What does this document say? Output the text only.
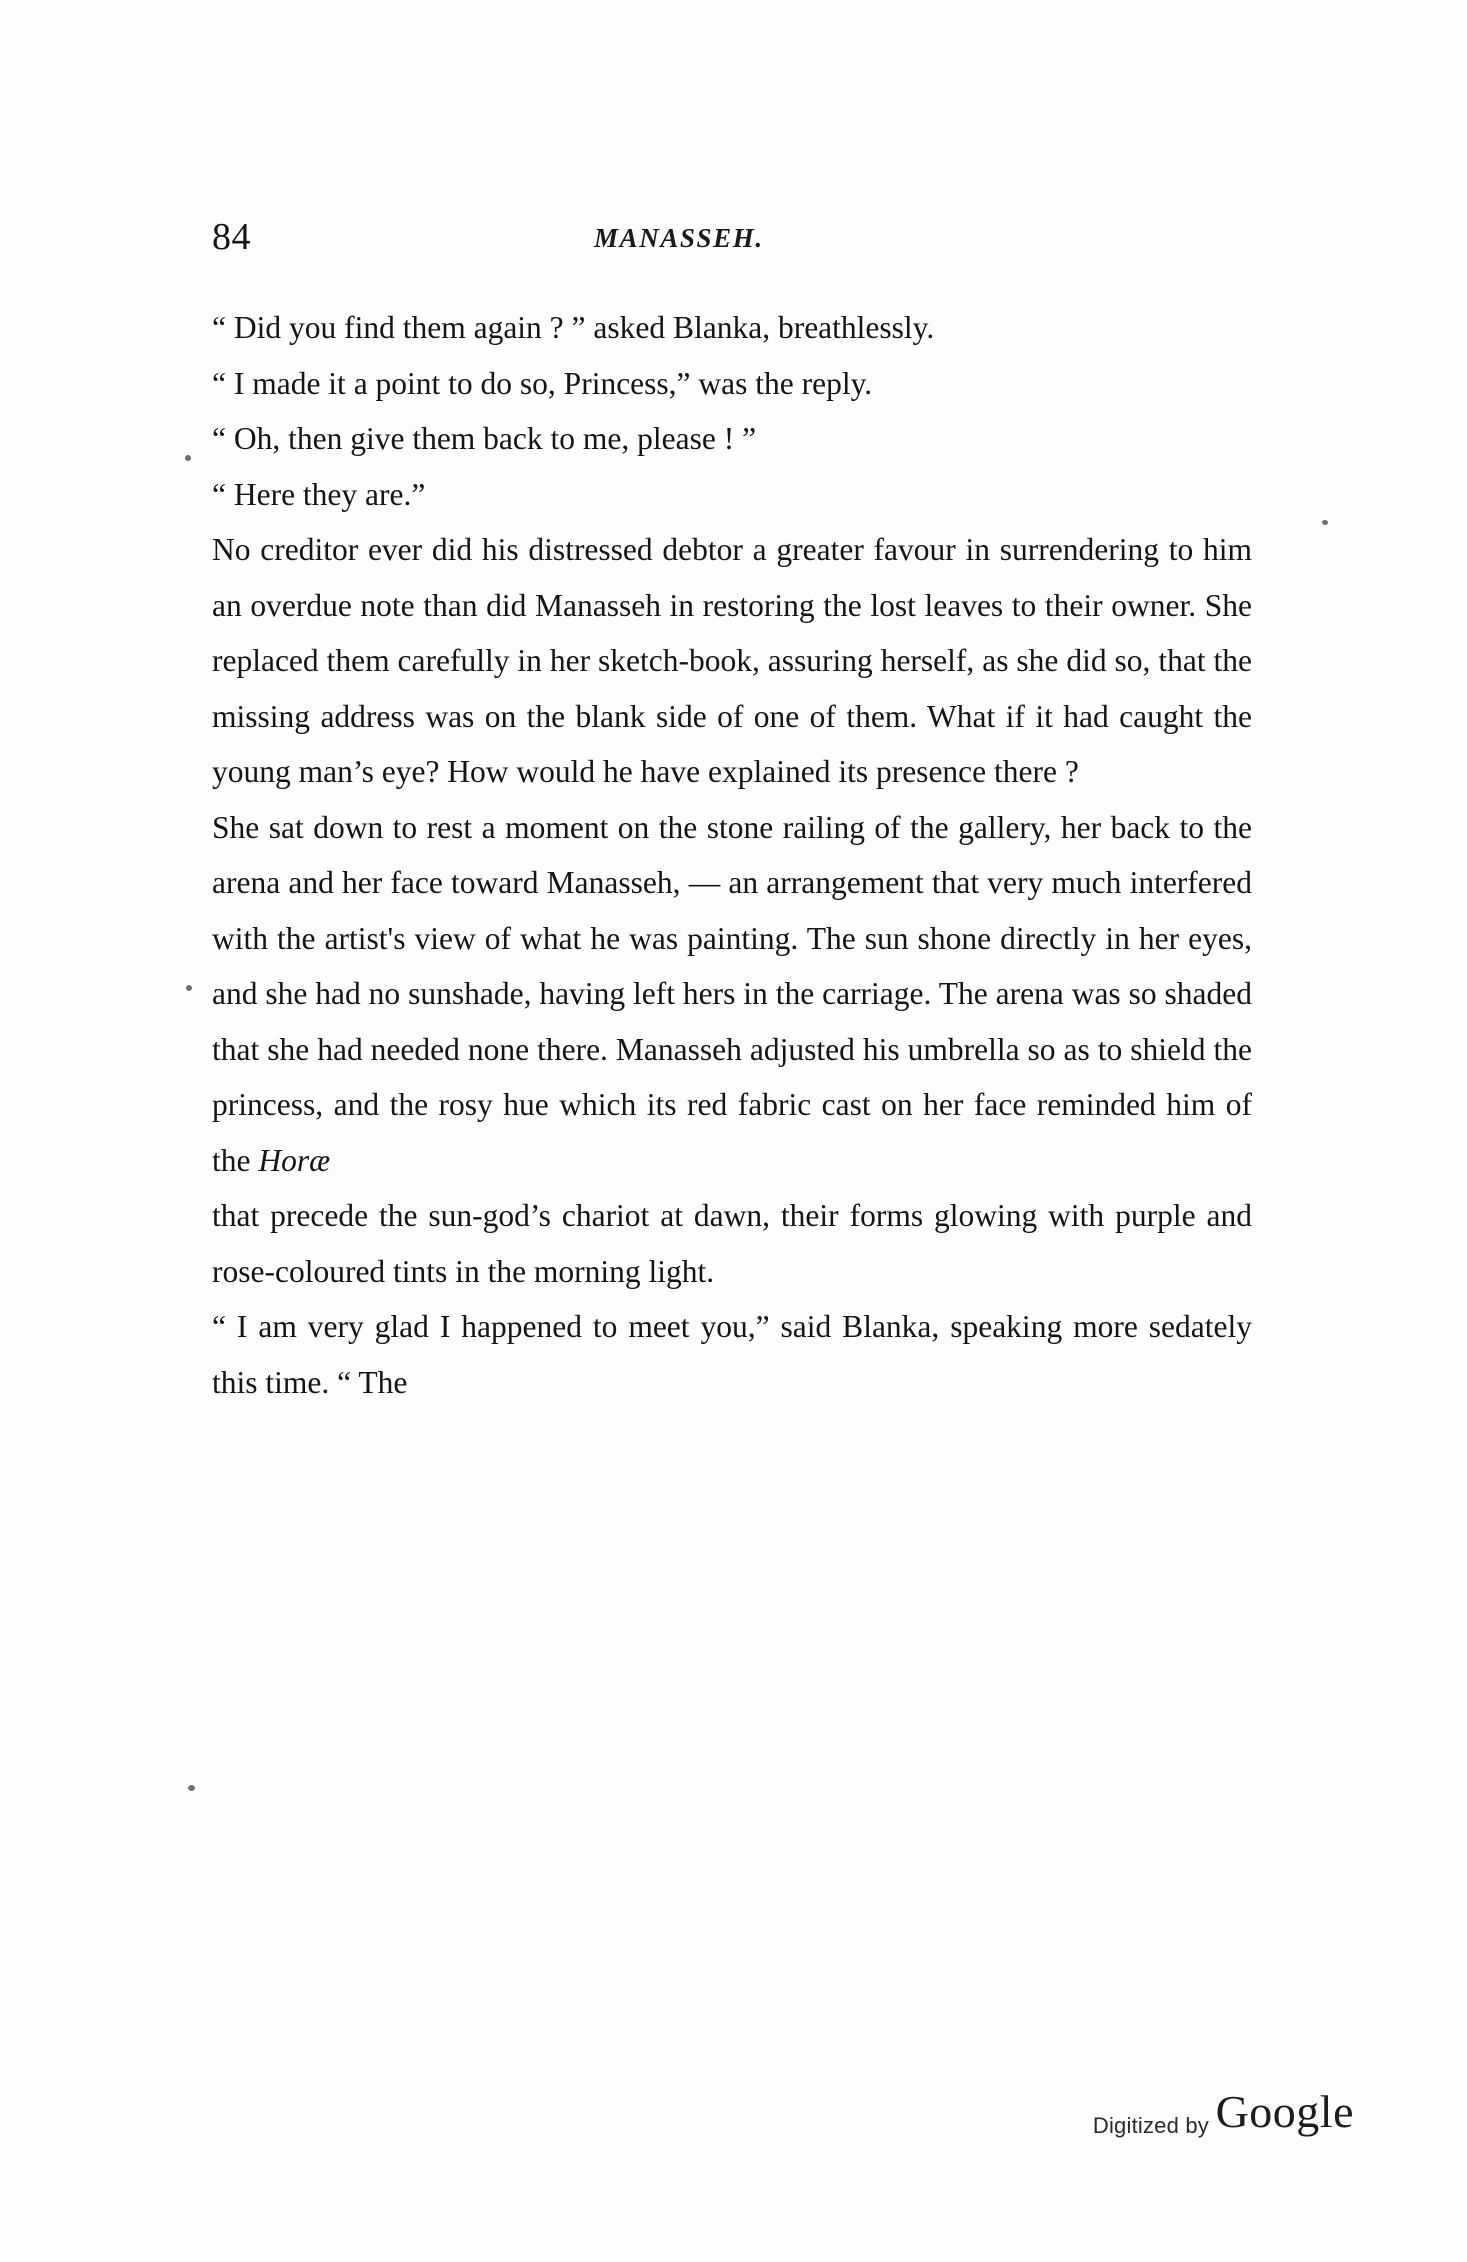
84	MANASSEH.

“ Did you find them again ? ” asked Blanka, breathlessly.

“ I made it a point to do so, Princess,” was the reply.

“ Oh, then give them back to me, please ! ”

“ Here they are.”

No creditor ever did his distressed debtor a greater favour in surrendering to him an overdue note than did Manasseh in restoring the lost leaves to their owner. She replaced them carefully in her sketch-book, assuring herself, as she did so, that the missing address was on the blank side of one of them. What if it had caught the young man’s eye? How would he have explained its presence there ?

She sat down to rest a moment on the stone railing of the gallery, her back to the arena and her face toward Manasseh, — an arrangement that very much interfered with the artist's view of what he was painting. The sun shone directly in her eyes, and she had no sunshade, having left hers in the carriage. The arena was so shaded that she had needed none there. Manasseh adjusted his umbrella so as to shield the princess, and the rosy hue which its red fabric cast on her face reminded him of the Horæ

that precede the sun-god’s chariot at dawn, their forms glowing with purple and rose-coloured tints in the morning light.

“ I am very glad I happened to meet you,” said Blanka, speaking more sedately this time. “ The

Digitized by Google
